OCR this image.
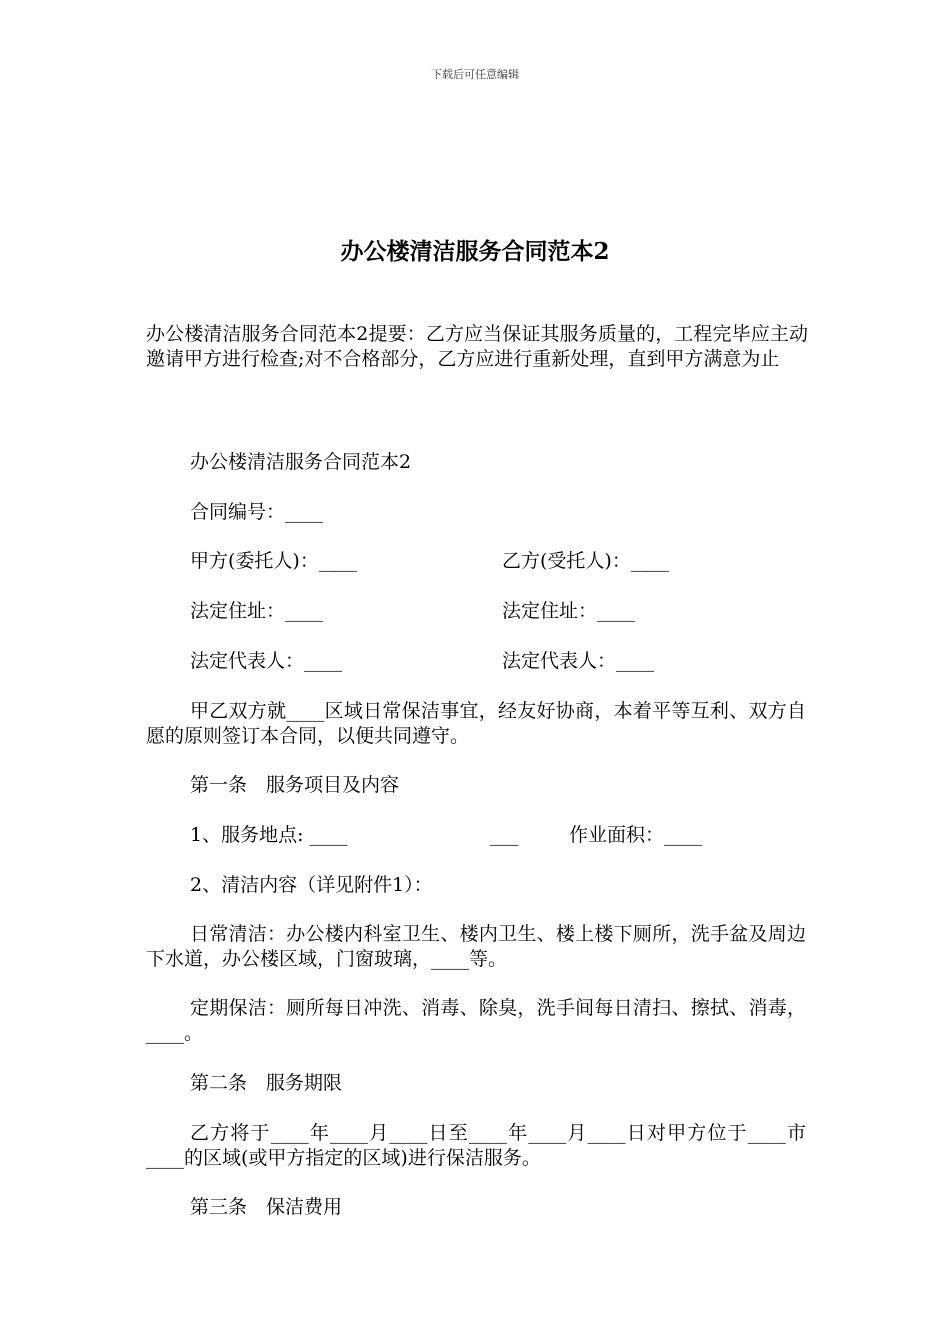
下载后可任意编辑
办公楼清洁服务合同范本2
办公楼清洁服务合同范本2提要：乙方应当保证其服务质量的，工程完毕应主动邀请甲方进行检查;对不合格部分，乙方应进行重新处理，直到甲方满意为止
办公楼清洁服务合同范本2
合同编号：____
甲方(委托人)：____	乙方(受托人)：____
法定住址：____	法定住址：____
法定代表人：____	法定代表人：____
甲乙双方就____区域日常保洁事宜，经友好协商，本着平等互利、双方自愿的原则签订本合同，以便共同遵守。
第一条　服务项目及内容
1、服务地点: ____	___	作业面积：____
2、清洁内容（详见附件1）：
日常清洁：办公楼内科室卫生、楼内卫生、楼上楼下厕所，洗手盆及周边下水道，办公楼区域，门窗玻璃，____等。
定期保洁：厕所每日冲洗、消毒、除臭，洗手间每日清扫、擦拭、消毒，____。
第二条　服务期限
乙方将于____年____月____日至____年____月____日对甲方位于____市____的区域(或甲方指定的区域)进行保洁服务。
第三条　保洁费用
